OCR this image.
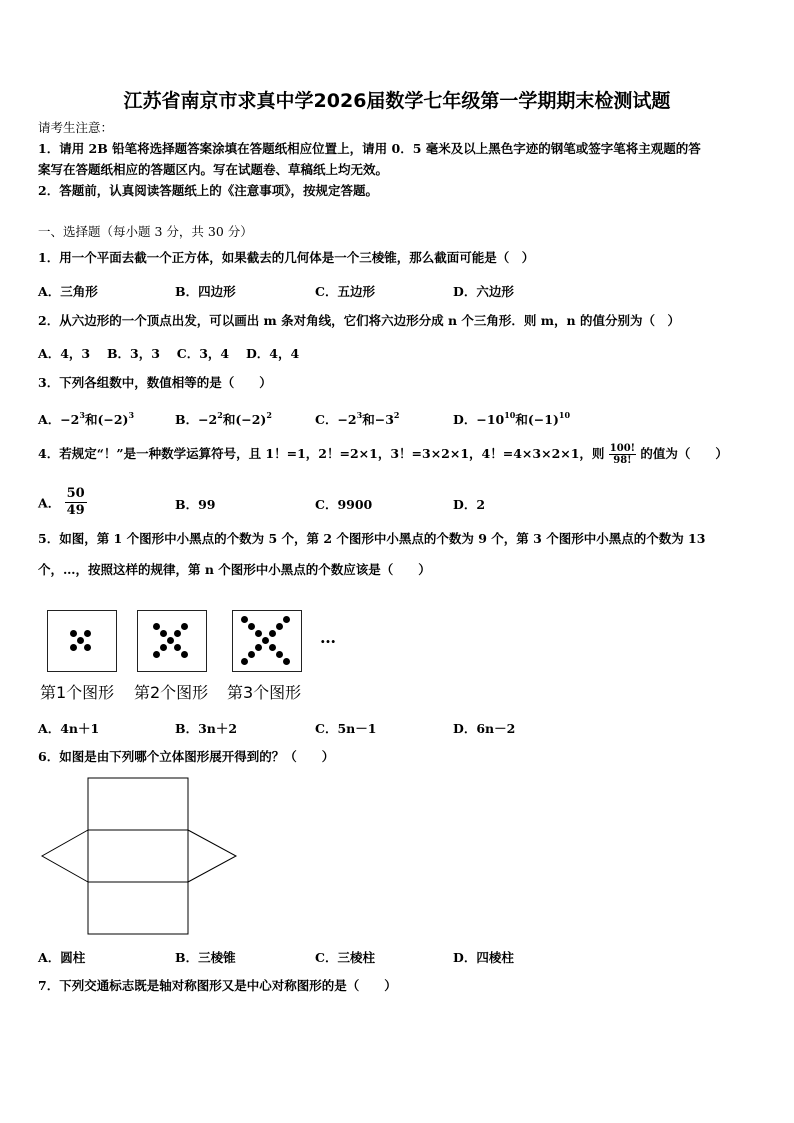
江苏省南京市求真中学2026届数学七年级第一学期期末检测试题
请考生注意：
1．请用 2B 铅笔将选择题答案涂填在答题纸相应位置上，请用 0．5 毫米及以上黑色字迹的钢笔或签字笔将主观题的答
案写在答题纸相应的答题区内。写在试题卷、草稿纸上均无效。
2．答题前，认真阅读答题纸上的《注意事项》，按规定答题。
一、选择题（每小题 3 分，共 30 分）
1．用一个平面去截一个正方体，如果截去的几何体是一个三棱锥，那么截面可能是（　）
A．三角形	B．四边形	C．五边形	D．六边形
2．从六边形的一个顶点出发，可以画出 m 条对角线，它们将六边形分成 n 个三角形．则 m，n 的值分别为（　）
A．4，3　 B．3，3　 C．3，4　 D．4，4
3．下列各组数中，数值相等的是（　　）
A．$-2^3$和$(-2)^3$	B．$-2^2$和$(-2)^2$	C．$-2^3$和$-3^2$	D．$-10^{10}$和$(-1)^{10}$
4．若规定“！”是一种数学运算符号，且 1！=1，2！=2×1，3！=3×2×1，4！=4×3×2×1，则 $\frac{100!}{98!}$ 的值为（　　）
A． $\frac{50}{49}$	B．99	C．9900	D．2
5．如图，第 1 个图形中小黑点的个数为 5 个，第 2 个图形中小黑点的个数为 9 个，第 3 个图形中小黑点的个数为 13
个，…，按照这样的规律，第 n 个图形中小黑点的个数应该是（　　）
…
第1个图形 第2个图形 第3个图形
A．4n＋1	B．3n＋2	C．5n－1	D．6n－2
6．如图是由下列哪个立体图形展开得到的？（　　）
A．圆柱	B．三棱锥	C．三棱柱	D．四棱柱
7．下列交通标志既是轴对称图形又是中心对称图形的是（　　）
